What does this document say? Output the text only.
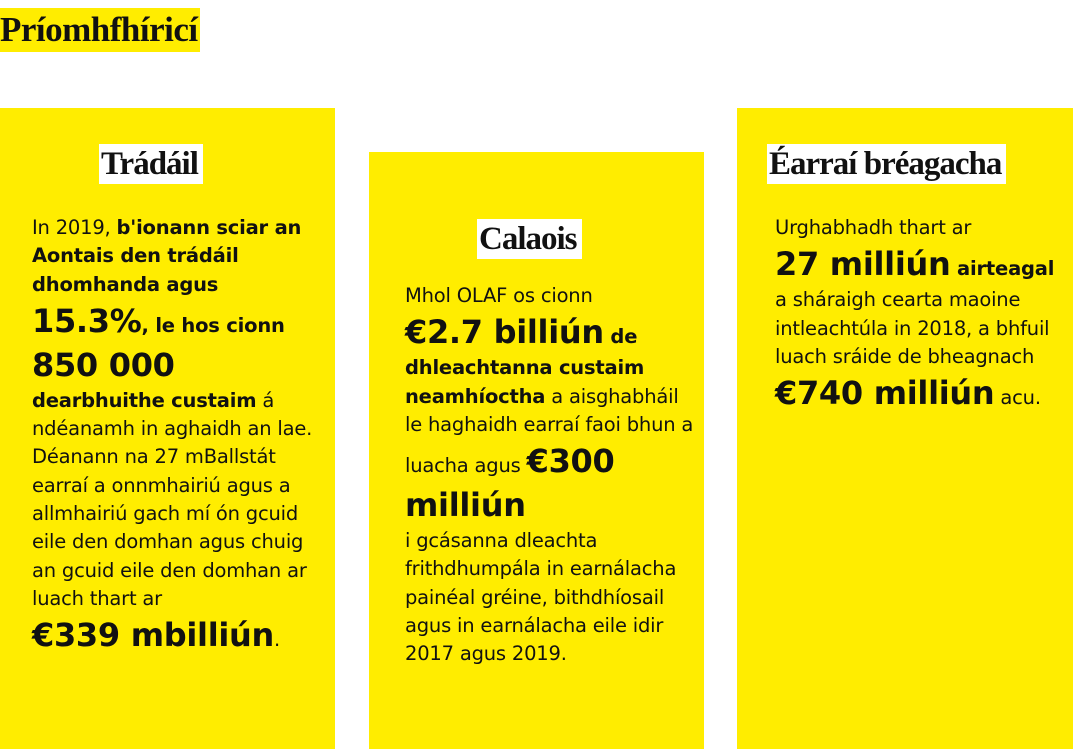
Príomhfhíricí
Trádáil
In 2019, b'ionann sciar an Aontais den trádáil dhomhanda agus
15.3%, le hos cionn
850 000
dearbhuithe custaim á ndéanamh in aghaidh an lae. Déanann na 27 mBallstát earraí a onnmhairiú agus a allmhairiú gach mí ón gcuid eile den domhan agus chuig an gcuid eile den domhan ar luach thart ar
€339 mbilliún.
Calaois
Mhol OLAF os cionn
€2.7 billiún de dhleachtanna custaim neamhíoctha a aisghabháil le haghaidh earraí faoi bhun a luacha agus €300 milliún
i gcásanna dleachta frithdhumpála in earnálacha painéal gréine, bithdhíosail agus in earnálacha eile idir 2017 agus 2019.
Éarraí bréagacha
Urghabhadh thart ar
27 milliún airteagal
a sháraigh cearta maoine intleachtúla in 2018, a bhfuil luach sráide de bheagnach
€740 milliún acu.
